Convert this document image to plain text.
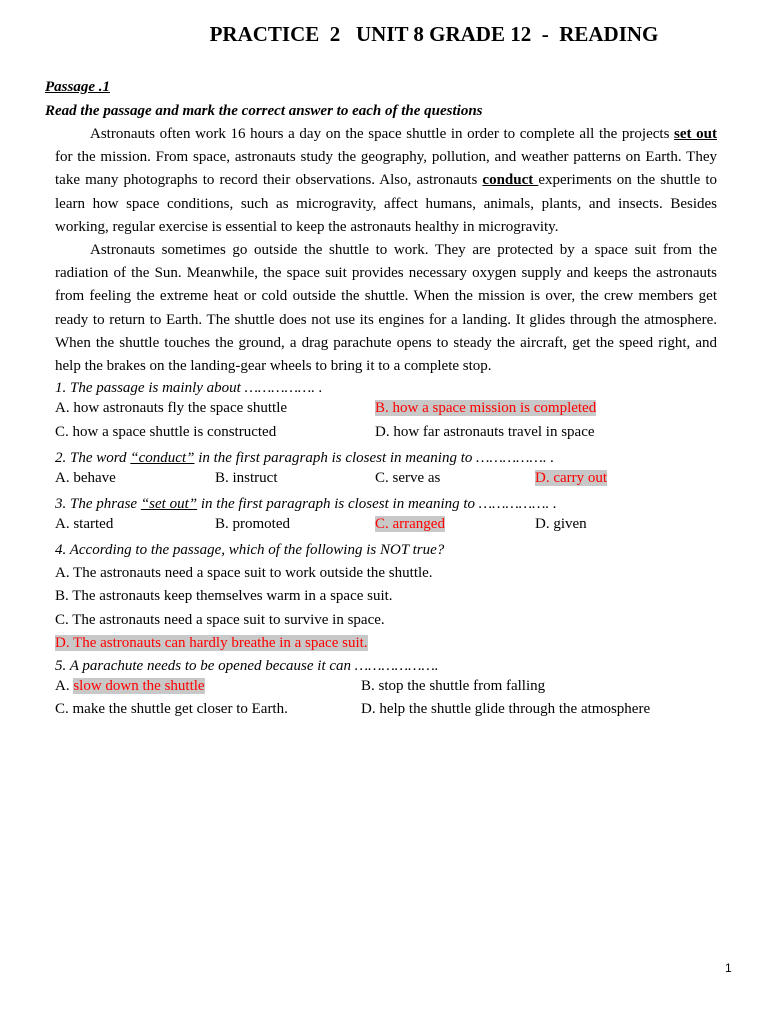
PRACTICE  2   UNIT 8 GRADE 12  -  READING
Passage .1
Read the passage and mark the correct answer to each of the questions

Astronauts often work 16 hours a day on the space shuttle in order to complete all the projects set out for the mission. From space, astronauts study the geography, pollution, and weather patterns on Earth. They take many photographs to record their observations. Also, astronauts conduct experiments on the shuttle to learn how space conditions, such as microgravity, affect humans, animals, plants, and insects. Besides working, regular exercise is essential to keep the astronauts healthy in microgravity.

Astronauts sometimes go outside the shuttle to work. They are protected by a space suit from the radiation of the Sun. Meanwhile, the space suit provides necessary oxygen supply and keeps the astronauts from feeling the extreme heat or cold outside the shuttle. When the mission is over, the crew members get ready to return to Earth. The shuttle does not use its engines for a landing. It glides through the atmosphere. When the shuttle touches the ground, a drag parachute opens to steady the aircraft, get the speed right, and help the brakes on the landing-gear wheels to bring it to a complete stop.

1. The passage is mainly about ……………. .
A. how astronauts fly the space shuttle	B. how a space mission is completed
C. how a space shuttle is constructed	D. how far astronauts travel in space
2. The word “conduct” in the first paragraph is closest in meaning to ……………. .
A. behave	B. instruct	C. serve as	D. carry out
3. The phrase “set out” in the first paragraph is closest in meaning to ……………. .
A. started	B. promoted	C. arranged	D. given
4. According to the passage, which of the following is NOT true?
A. The astronauts need a space suit to work outside the shuttle.
B. The astronauts keep themselves warm in a space suit.
C. The astronauts need a space suit to survive in space.
D. The astronauts can hardly breathe in a space suit.
5. A parachute needs to be opened because it can ……………….
A. slow down the shuttle	B. stop the shuttle from falling
C. make the shuttle get closer to Earth.	D. help the shuttle glide through the atmosphere
1
